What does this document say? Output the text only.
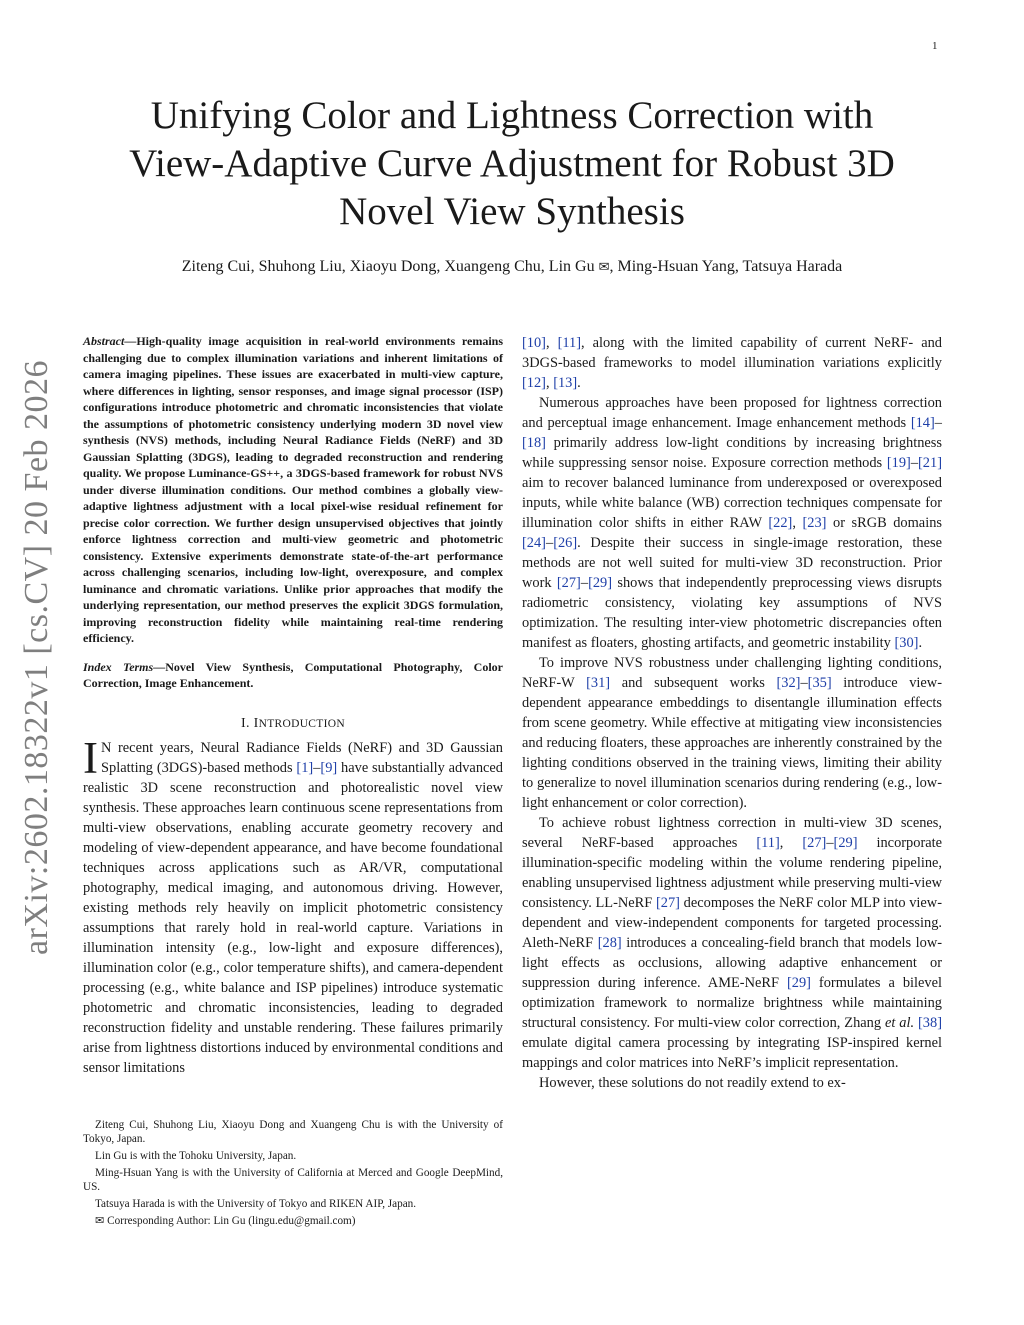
1
arXiv:2602.18322v1 [cs.CV] 20 Feb 2026
Unifying Color and Lightness Correction with
View-Adaptive Curve Adjustment for Robust 3D
Novel View Synthesis
Ziteng Cui, Shuhong Liu, Xiaoyu Dong, Xuangeng Chu, Lin Gu ✉, Ming-Hsuan Yang, Tatsuya Harada

Abstract—High-quality image acquisition in real-world environments remains challenging due to complex illumination variations and inherent limitations of camera imaging pipelines. These issues are exacerbated in multi-view capture, where differences in lighting, sensor responses, and image signal processor (ISP) configurations introduce photometric and chromatic inconsistencies that violate the assumptions of photometric consistency underlying modern 3D novel view synthesis (NVS) methods, including Neural Radiance Fields (NeRF) and 3D Gaussian Splatting (3DGS), leading to degraded reconstruction and rendering quality. We propose Luminance-GS++, a 3DGS-based framework for robust NVS under diverse illumination conditions. Our method combines a globally view-adaptive lightness adjustment with a local pixel-wise residual refinement for precise color correction. We further design unsupervised objectives that jointly enforce lightness correction and multi-view geometric and photometric consistency. Extensive experiments demonstrate state-of-the-art performance across challenging scenarios, including low-light, overexposure, and complex luminance and chromatic variations. Unlike prior approaches that modify the underlying representation, our method preserves the explicit 3DGS formulation, improving reconstruction fidelity while maintaining real-time rendering efficiency.

Index Terms—Novel View Synthesis, Computational Photography, Color Correction, Image Enhancement.

I. INTRODUCTION

I N recent years, Neural Radiance Fields (NeRF) and 3D Gaussian Splatting (3DGS)-based methods [1]–[9] have substantially advanced realistic 3D scene reconstruction and photorealistic novel view synthesis. These approaches learn continuous scene representations from multi-view observations, enabling accurate geometry recovery and modeling of view-dependent appearance, and have become foundational techniques across applications such as AR/VR, computational photography, medical imaging, and autonomous driving. However, existing methods rely heavily on implicit photometric consistency assumptions that rarely hold in real-world capture. Variations in illumination intensity (e.g., low-light and exposure differences), illumination color (e.g., color temperature shifts), and camera-dependent processing (e.g., white balance and ISP pipelines) introduce systematic photometric and chromatic inconsistencies, leading to degraded reconstruction fidelity and unstable rendering. These failures primarily arise from lightness distortions induced by environmental conditions and sensor limitations

Ziteng Cui, Shuhong Liu, Xiaoyu Dong and Xuangeng Chu is with the University of Tokyo, Japan.

Lin Gu is with the Tohoku University, Japan.

Ming-Hsuan Yang is with the University of California at Merced and Google DeepMind, US.

Tatsuya Harada is with the University of Tokyo and RIKEN AIP, Japan.

✉ Corresponding Author: Lin Gu (lingu.edu@gmail.com)

[10], [11], along with the limited capability of current NeRF- and 3DGS-based frameworks to model illumination variations explicitly [12], [13].

Numerous approaches have been proposed for lightness correction and perceptual image enhancement. Image enhancement methods [14]–[18] primarily address low-light conditions by increasing brightness while suppressing sensor noise. Exposure correction methods [19]–[21] aim to recover balanced luminance from underexposed or overexposed inputs, while white balance (WB) correction techniques compensate for illumination color shifts in either RAW [22], [23] or sRGB domains [24]–[26]. Despite their success in single-image restoration, these methods are not well suited for multi-view 3D reconstruction. Prior work [27]–[29] shows that independently preprocessing views disrupts radiometric consistency, violating key assumptions of NVS optimization. The resulting inter-view photometric discrepancies often manifest as floaters, ghosting artifacts, and geometric instability [30].

To improve NVS robustness under challenging lighting conditions, NeRF-W [31] and subsequent works [32]–[35] introduce view-dependent appearance embeddings to disentangle illumination effects from scene geometry. While effective at mitigating view inconsistencies and reducing floaters, these approaches are inherently constrained by the lighting conditions observed in the training views, limiting their ability to generalize to novel illumination scenarios during rendering (e.g., low-light enhancement or color correction).

To achieve robust lightness correction in multi-view 3D scenes, several NeRF-based approaches [11], [27]–[29] incorporate illumination-specific modeling within the volume rendering pipeline, enabling unsupervised lightness adjustment while preserving multi-view consistency. LL-NeRF [27] decomposes the NeRF color MLP into view-dependent and view-independent components for targeted processing. Aleth-NeRF [28] introduces a concealing-field branch that models low-light effects as occlusions, allowing adaptive enhancement or suppression during inference. AME-NeRF [29] formulates a bilevel optimization framework to normalize brightness while maintaining structural consistency. For multi-view color correction, Zhang et al. [38] emulate digital camera processing by integrating ISP-inspired kernel mappings and color matrices into NeRF’s implicit representation.

However, these solutions do not readily extend to ex-
